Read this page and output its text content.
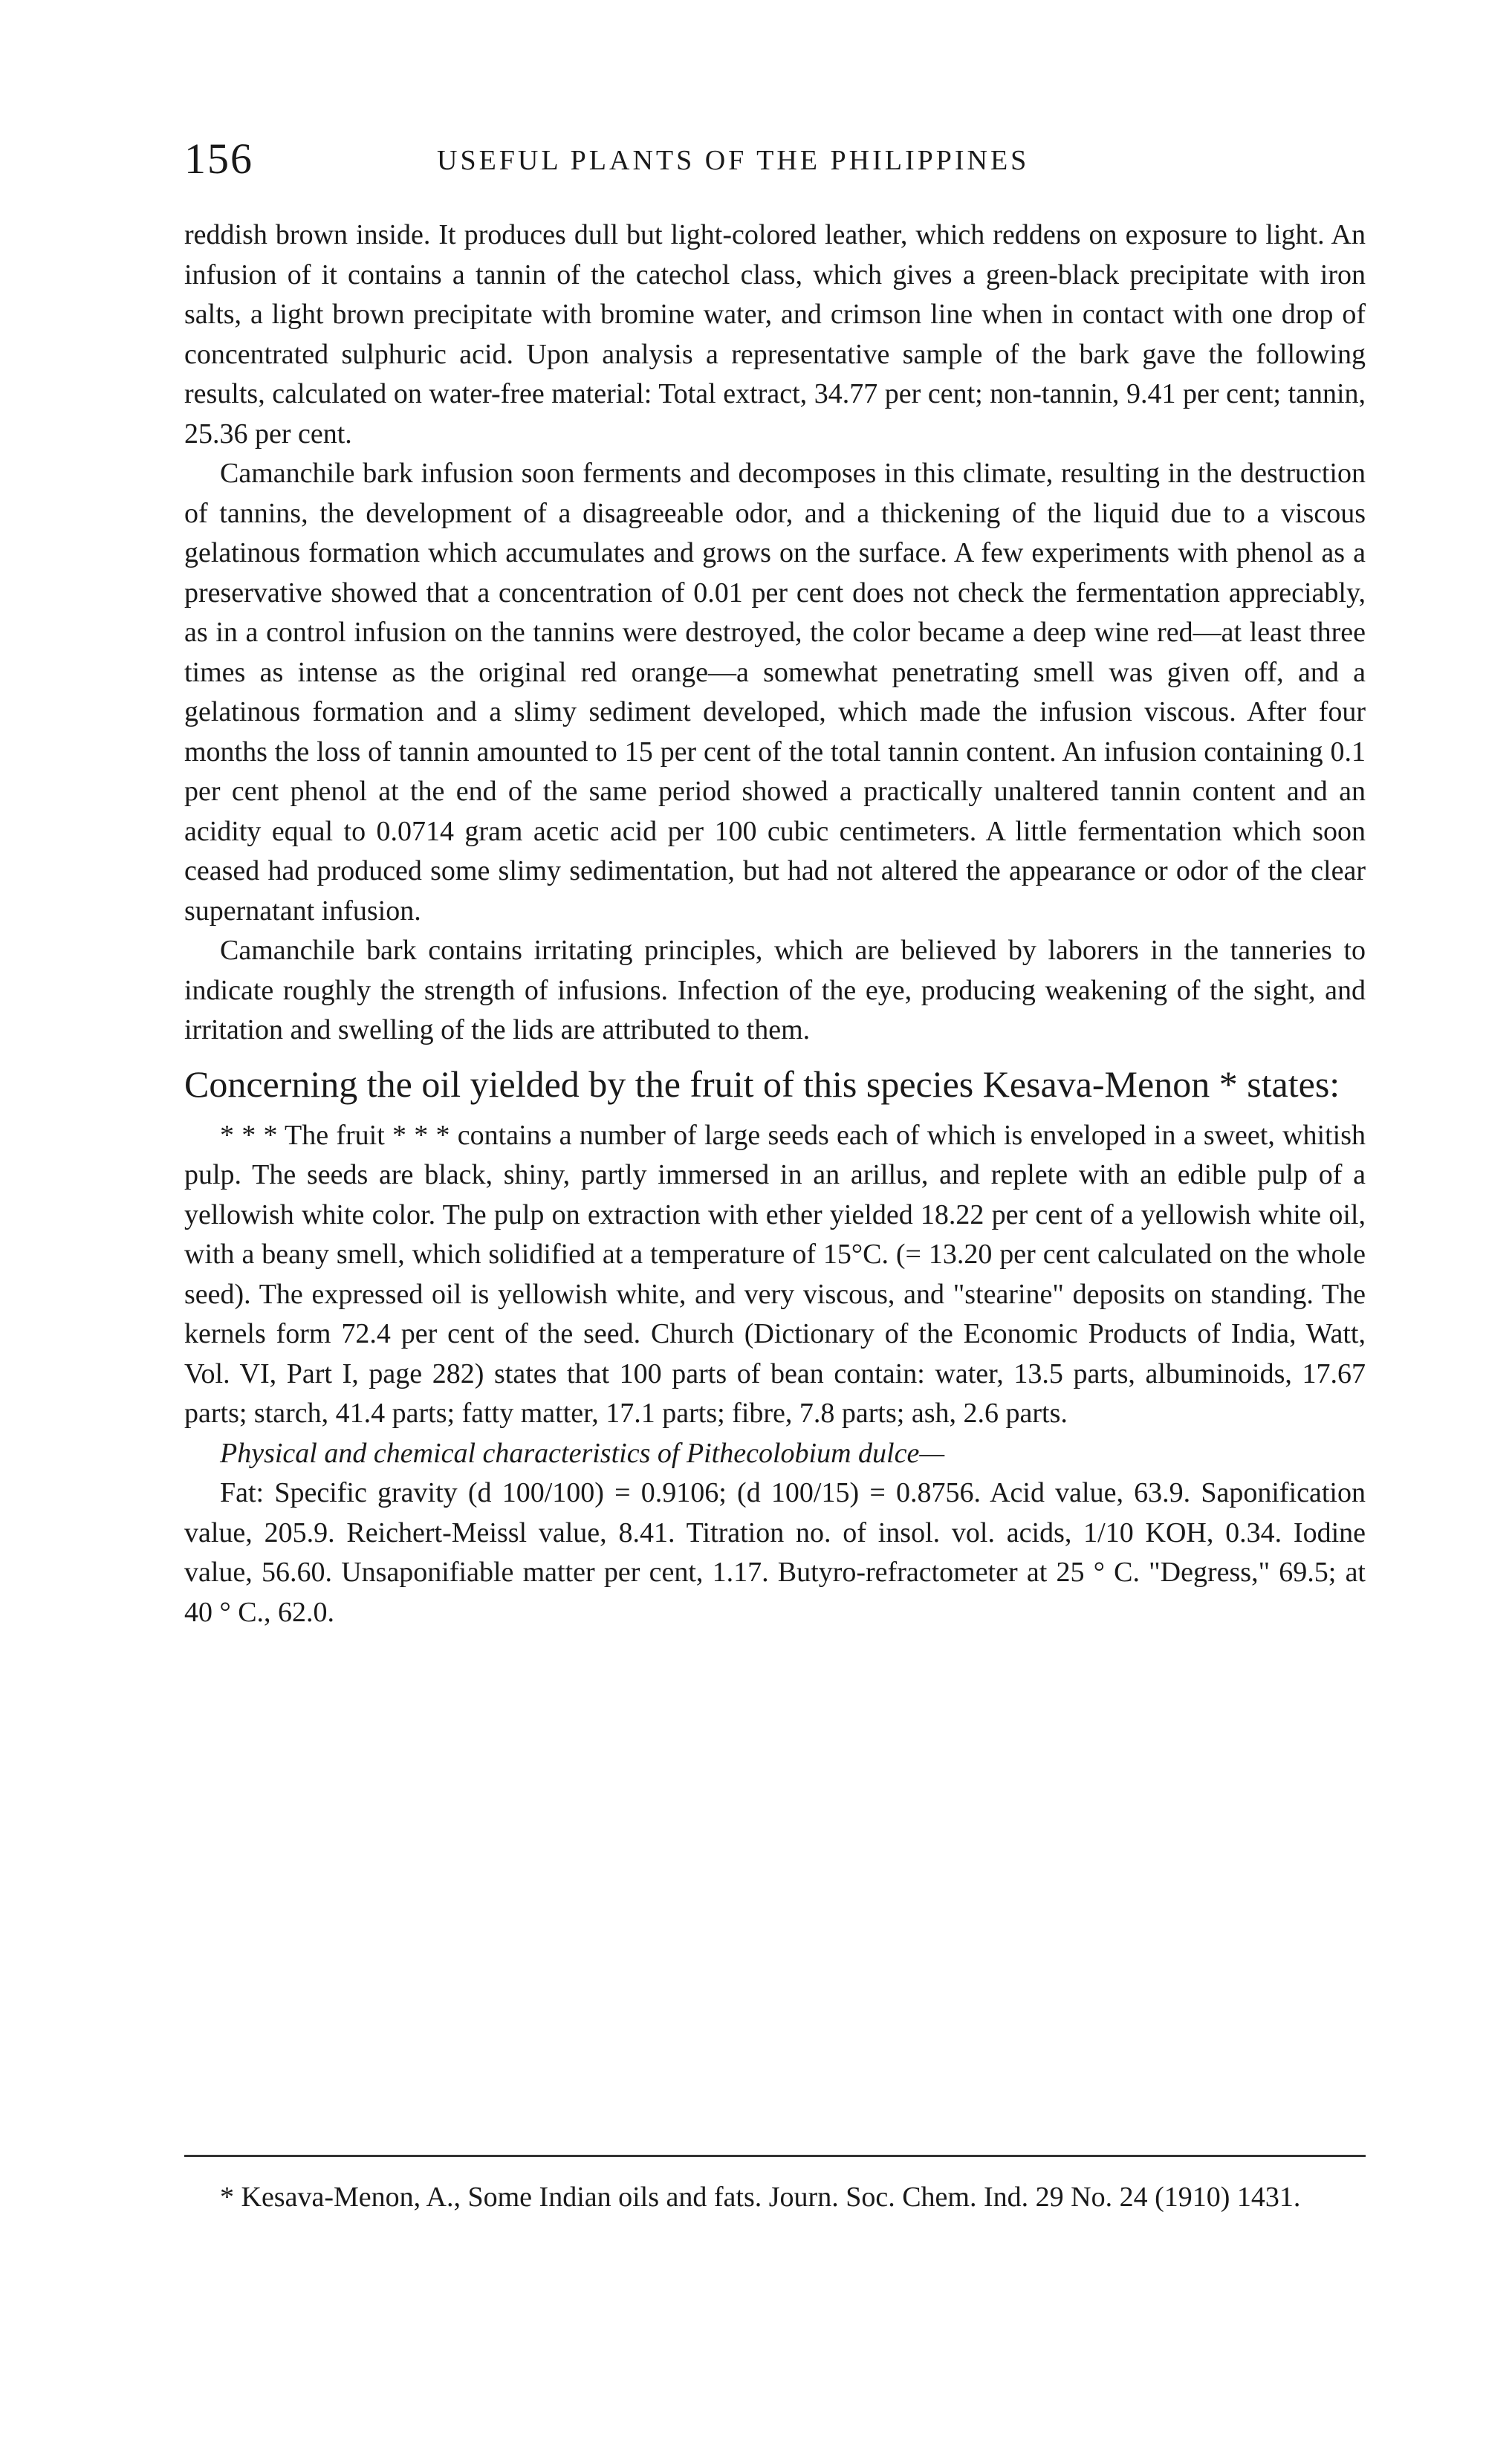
156	USEFUL PLANTS OF THE PHILIPPINES

reddish brown inside. It produces dull but light-colored leather, which reddens on exposure to light. An infusion of it contains a tannin of the catechol class, which gives a green-black precipitate with iron salts, a light brown precipitate with bromine water, and crimson line when in contact with one drop of concentrated sulphuric acid. Upon analysis a representative sample of the bark gave the following results, calculated on water-free material: Total extract, 34.77 per cent; non-tannin, 9.41 per cent; tannin, 25.36 per cent.

Camanchile bark infusion soon ferments and decomposes in this climate, resulting in the destruction of tannins, the development of a disagreeable odor, and a thickening of the liquid due to a viscous gelatinous formation which accumulates and grows on the surface. A few experiments with phenol as a preservative showed that a concentration of 0.01 per cent does not check the fermentation appreciably, as in a control infusion on the tannins were destroyed, the color became a deep wine red—at least three times as intense as the original red orange—a somewhat penetrating smell was given off, and a gelatinous formation and a slimy sediment developed, which made the infusion viscous. After four months the loss of tannin amounted to 15 per cent of the total tannin content. An infusion containing 0.1 per cent phenol at the end of the same period showed a practically unaltered tannin content and an acidity equal to 0.0714 gram acetic acid per 100 cubic centimeters. A little fermentation which soon ceased had produced some slimy sedimentation, but had not altered the appearance or odor of the clear supernatant infusion.

Camanchile bark contains irritating principles, which are believed by laborers in the tanneries to indicate roughly the strength of infusions. Infection of the eye, producing weakening of the sight, and irritation and swelling of the lids are attributed to them.

Concerning the oil yielded by the fruit of this species Kesava-Menon * states:

* * * The fruit * * * contains a number of large seeds each of which is enveloped in a sweet, whitish pulp. The seeds are black, shiny, partly immersed in an arillus, and replete with an edible pulp of a yellowish white color. The pulp on extraction with ether yielded 18.22 per cent of a yellowish white oil, with a beany smell, which solidified at a temperature of 15°C. (= 13.20 per cent calculated on the whole seed). The expressed oil is yellowish white, and very viscous, and "stearine" deposits on standing. The kernels form 72.4 per cent of the seed. Church (Dictionary of the Economic Products of India, Watt, Vol. VI, Part I, page 282) states that 100 parts of bean contain: water, 13.5 parts, albuminoids, 17.67 parts; starch, 41.4 parts; fatty matter, 17.1 parts; fibre, 7.8 parts; ash, 2.6 parts.

Physical and chemical characteristics of Pithecolobium dulce—

Fat: Specific gravity (d 100/100) = 0.9106; (d 100/15) = 0.8756. Acid value, 63.9. Saponification value, 205.9. Reichert-Meissl value, 8.41. Titration no. of insol. vol. acids, 1/10 KOH, 0.34. Iodine value, 56.60. Unsaponifiable matter per cent, 1.17. Butyro-refractometer at 25 ° C. "Degress," 69.5; at 40 ° C., 62.0.

* Kesava-Menon, A., Some Indian oils and fats. Journ. Soc. Chem. Ind. 29 No. 24 (1910) 1431.
